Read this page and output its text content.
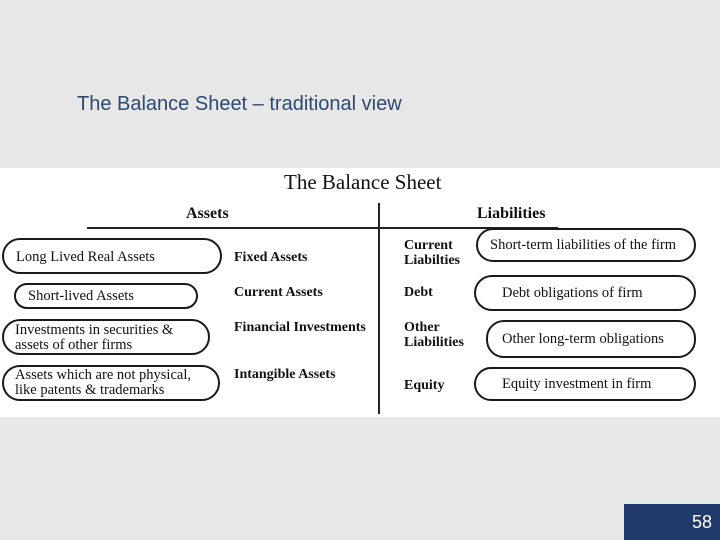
The Balance Sheet – traditional view
The Balance Sheet
Assets	Liabilities
Long Lived Real Assets
Short-lived Assets
Investments in securities &
assets of other firms
Assets which are not physical,
like patents & trademarks
Fixed Assets
Current Assets
Financial Investments
Intangible Assets
Current
Liabilties
Debt
Other
Liabilities
Equity
Short-term liabilities of the firm
Debt obligations of firm
Other long-term obligations
Equity investment in firm
58
